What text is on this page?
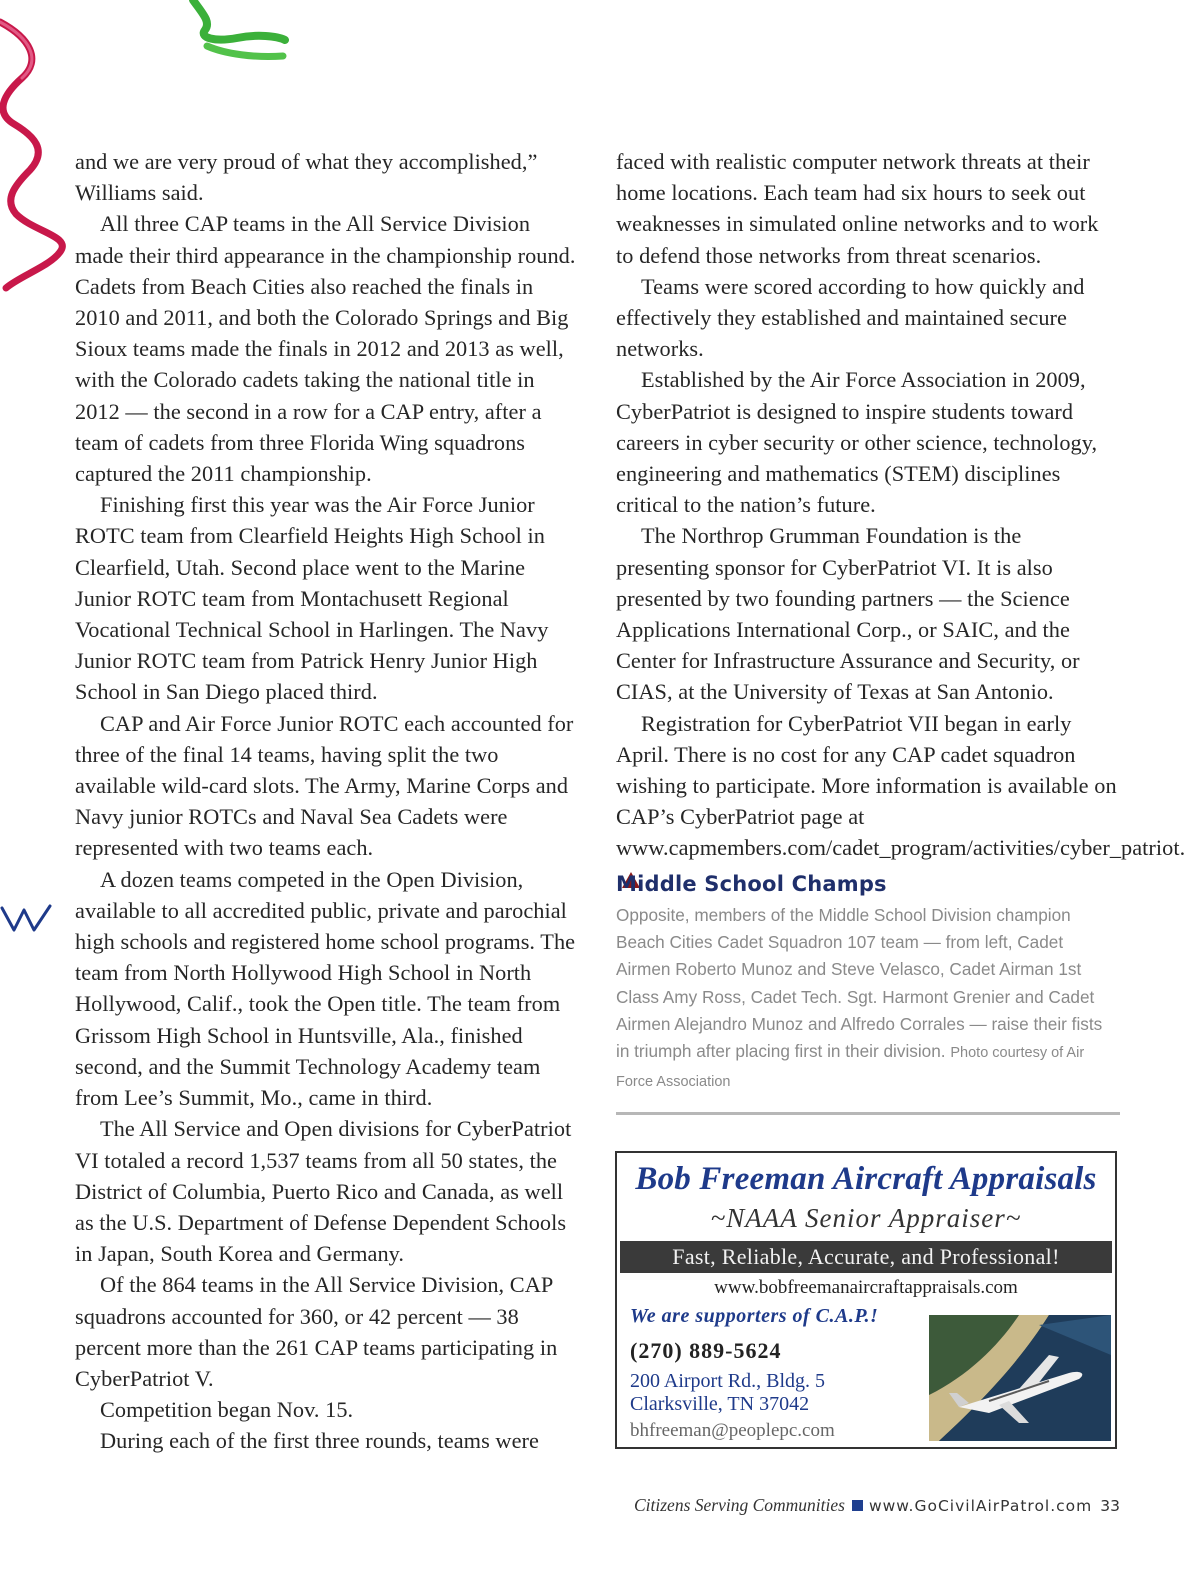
and we are very proud of what they accomplished,” Williams said.

All three CAP teams in the All Service Division made their third appearance in the championship round. Cadets from Beach Cities also reached the finals in 2010 and 2011, and both the Colorado Springs and Big Sioux teams made the finals in 2012 and 2013 as well, with the Colorado cadets taking the national title in 2012 — the second in a row for a CAP entry, after a team of cadets from three Florida Wing squadrons captured the 2011 championship.

Finishing first this year was the Air Force Junior ROTC team from Clearfield Heights High School in Clearfield, Utah. Second place went to the Marine Junior ROTC team from Montachusett Regional Vocational Technical School in Harlingen. The Navy Junior ROTC team from Patrick Henry Junior High School in San Diego placed third.

CAP and Air Force Junior ROTC each accounted for three of the final 14 teams, having split the two available wild-card slots. The Army, Marine Corps and Navy junior ROTCs and Naval Sea Cadets were represented with two teams each.

A dozen teams competed in the Open Division, available to all accredited public, private and parochial high schools and registered home school programs. The team from North Hollywood High School in North Hollywood, Calif., took the Open title. The team from Grissom High School in Huntsville, Ala., finished second, and the Summit Technology Academy team from Lee’s Summit, Mo., came in third.

The All Service and Open divisions for CyberPatriot VI totaled a record 1,537 teams from all 50 states, the District of Columbia, Puerto Rico and Canada, as well as the U.S. Department of Defense Dependent Schools in Japan, South Korea and Germany.

Of the 864 teams in the All Service Division, CAP squadrons accounted for 360, or 42 percent — 38 percent more than the 261 CAP teams participating in CyberPatriot V.

Competition began Nov. 15.

During each of the first three rounds, teams were

faced with realistic computer network threats at their home locations. Each team had six hours to seek out weaknesses in simulated online networks and to work to defend those networks from threat scenarios.

Teams were scored according to how quickly and effectively they established and maintained secure networks.

Established by the Air Force Association in 2009, CyberPatriot is designed to inspire students toward careers in cyber security or other science, technology, engineering and mathematics (STEM) disciplines critical to the nation’s future.

The Northrop Grumman Foundation is the presenting sponsor for CyberPatriot VI. It is also presented by two founding partners — the Science Applications International Corp., or SAIC, and the Center for Infrastructure Assurance and Security, or CIAS, at the University of Texas at San Antonio.

Registration for CyberPatriot VII began in early April. There is no cost for any CAP cadet squadron wishing to participate. More information is available on CAP’s CyberPatriot page at www.capmembers.com/cadet_program/activities/cyber_patriot.

Middle School Champs
Opposite, members of the Middle School Division champion Beach Cities Cadet Squadron 107 team — from left, Cadet Airmen Roberto Munoz and Steve Velasco, Cadet Airman 1st Class Amy Ross, Cadet Tech. Sgt. Harmont Grenier and Cadet Airmen Alejandro Munoz and Alfredo Corrales — raise their fists in triumph after placing first in their division. Photo courtesy of Air Force Association
Bob Freeman Aircraft Appraisals
~NAAA Senior Appraiser~
Fast, Reliable, Accurate, and Professional!
www.bobfreemanaircraftappraisals.com
We are supporters of C.A.P.!
(270) 889-5624
200 Airport Rd., Bldg. 5
Clarksville, TN 37042
bhfreeman@peoplepc.com
Citizens Serving Communities www.GoCivilAirPatrol.com 33
